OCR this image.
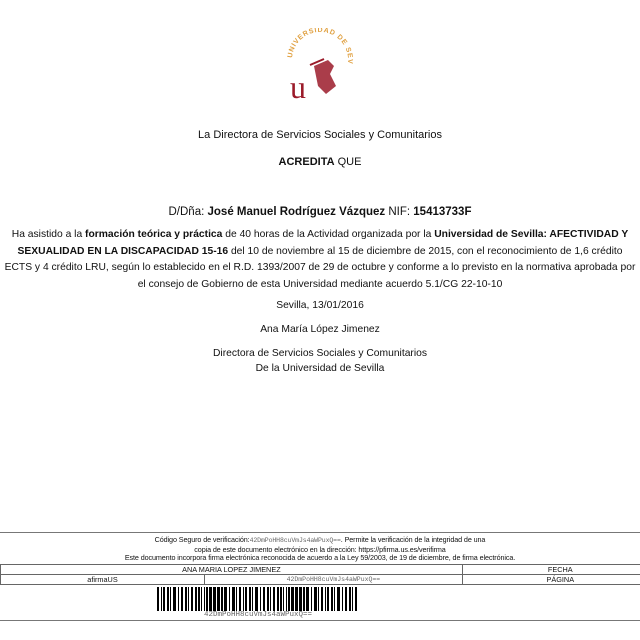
UNIVERSIDAD DE SEV
u
La Directora de Servicios Sociales y Comunitarios
ACREDITA QUE
D/Dña: José Manuel Rodríguez Vázquez NIF: 15413733F
Ha asistido a la formación teórica y práctica de 40 horas de la Actividad organizada por la Universidad de Sevilla: AFECTIVIDAD Y SEXUALIDAD EN LA DISCAPACIDAD 15-16 del 10 de noviembre al 15 de diciembre de 2015, con el reconocimiento de 1,6 crédito ECTS y 4 crédito LRU, según lo establecido en el R.D. 1393/2007 de 29 de octubre y conforme a lo previsto en la normativa aprobada por el consejo de Gobierno de esta Universidad mediante acuerdo 5.1/CG 22-10-10
Sevilla, 13/01/2016
Ana María López Jimenez
Directora de Servicios Sociales y Comunitarios
De la Universidad de Sevilla
Código Seguro de verificación:42DmPoHH8cuVmJs4aWPuxQ==. Permite la verificación de la integridad de una
copia de este documento electrónico en la dirección: https://pfirma.us.es/verifirma
Este documento incorpora firma electrónica reconocida de acuerdo a la Ley 59/2003, de 19 de diciembre, de firma electrónica.
ANA MARIA LOPEZ JIMENEZ		FECHA	
afirmaUS	42DmPoHH8cuVmJs4aWPuxQ==	PÁGINA	
42DmPoHH8cuVmJs4aWPuxQ==
